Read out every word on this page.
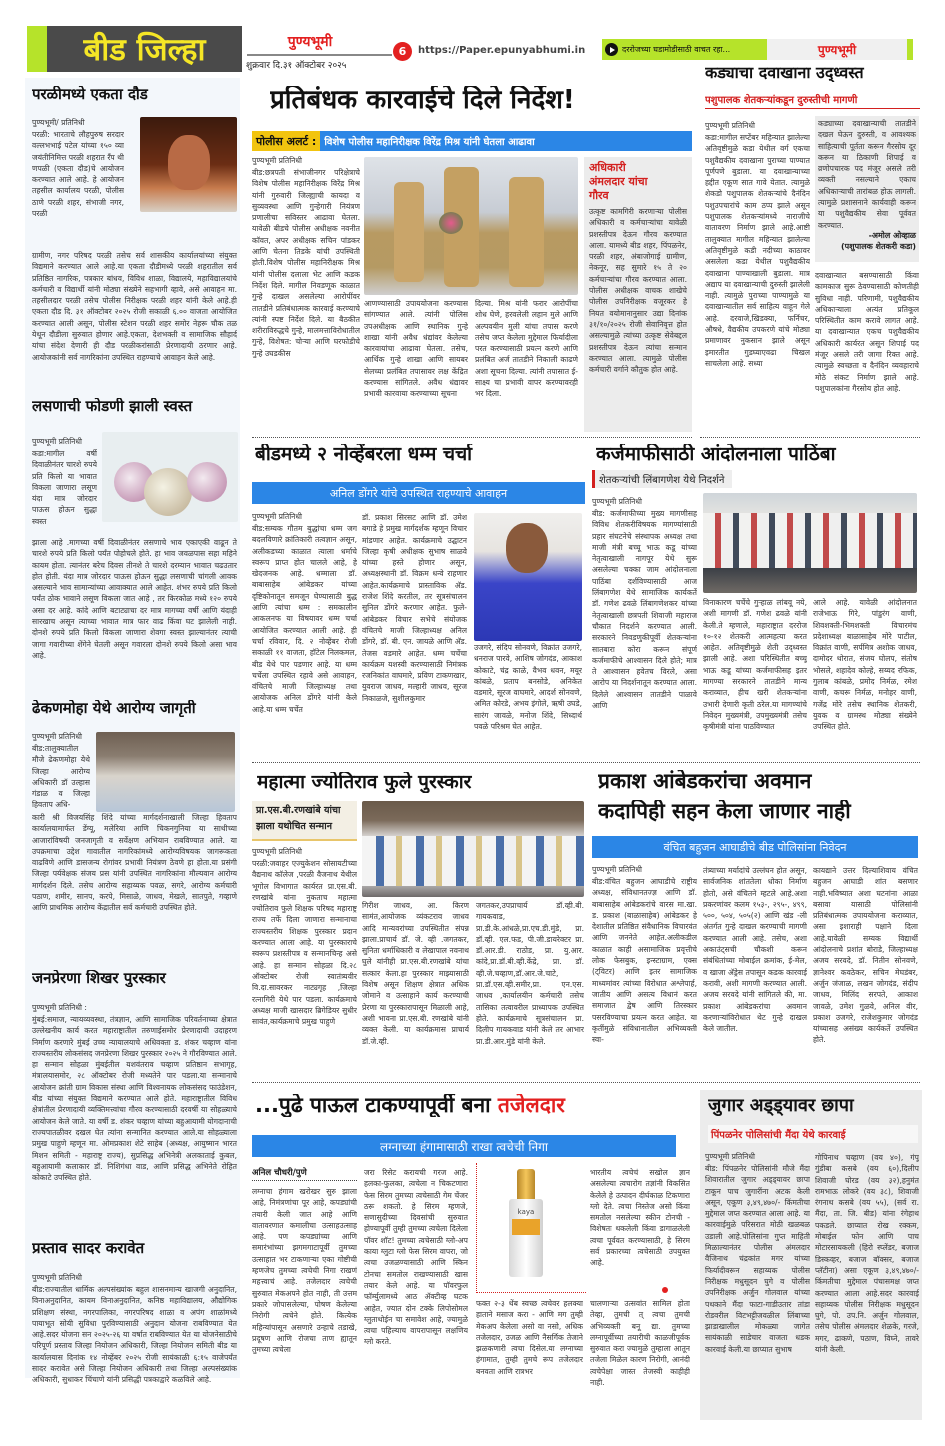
बीड जिल्हा	पुण्यभूमी
शुक्रवार दि.३१ ऑक्टोबर २०२५
6 https://Paper.epunyabhumi.in	दररोजच्या घडामोडीसाठी वाचत रहा...	पुण्यभूमी
परळीमध्ये एकता दौड
पुण्यभूमी/ प्रतिनिधी
परळी: भारताचे लौहपुरुष सरदार वल्लभभाई पटेल यांच्या १५० व्या जयंतीनिमित्त परळी शहरात रँप थी णपळी (एकता दौड)चे आयोजन करण्यात आले आहे. हे आयोजन तहसील कार्यालय परळी, पोलीस ठाणे परळी शहर, संभाजी नगर, परळी
ग्रामीण, नगर परिषद परळी तसेच सर्व शासकीय कार्यालयांच्या संयुक्त विद्यमाने करण्यात आले आहे.या एकता दौडीमध्ये परळी शहरातील सर्व प्रतिष्ठित नागरिक, पत्रकार बांधव, विविध शाळा, विद्यालये, महाविद्यालयांचे कर्मचारी व विद्यार्थी यांनी मोठ्या संख्येने सहभागी व्हावे, असे आवाहन मा. तहसीलदार परळी तसेच पोलीस निरीक्षक परळी शहर यांनी केले आहे.ही एकता दौड दि. ३१ ऑक्टोबर २०२५ रोजी सकाळी ६.०० वाजता आयोजित करण्यात आली असून, पोलीस स्टेशन परळी शहर समोर नेहरू चौक तळ येथून दौडीला सुरुवात होणार आहे.एकता, देशभक्ती व सामाजिक सौहार्द यांचा संदेश देणारी ही दौड परळीकरांसाठी प्रेरणादायी ठरणार आहे. आयोजकांनी सर्व नागरिकांना उपस्थित राहण्याचे आवाहन केले आहे.
लसणाची फोडणी झाली स्वस्त
पुण्यभूमी प्रतिनिधी
कडा:मागील वर्षी दिवाळीनंतर चारशे रुपये प्रति किलो या भावात विकला जाणारा लसूण यंदा मात्र जोरदार पाऊस होऊन सुद्धा स्वस्त
झाला आहे .मागच्या वर्षी दिवाळीनंतर लसणाचे भाव एकाएकी वाढून ते चारशे रुपये प्रति किलो पर्यंत पोहोचले होते. हा भाव जवळपास सहा महिने कायम होता. त्यानंतर बरेच दिवस तीनशे ते चारशे दरम्यान भावात चढउतार होत होती. यंदा मात्र जोरदार पाऊस होऊन सुद्धा लसणाची चांगली आवक असल्याने भाव सामान्यांच्या आवाक्यात आले आहेत. शंभर रुपये प्रति किलो पर्यंत ठोक भावाने लसूण विकला जात आहे , तर किरकोळ मध्ये १२० रुपये असा दर आहे. कांदे आणि बटाट्याचा दर मात्र मागच्या वर्षी आणि यंदाही सारखाच असून त्याच्या भावात मात्र फार वाढ किंवा घट झालेली नाही. दोनशे रुपये प्रति किलो विकला जाणारा शेवगा स्वस्त झाल्यानंतर त्याची जागा गवारीच्या शेंगेने घेतली असून गवारला दोनशे रुपये किलो असा भाव आहे.
ढेकणमोहा येथे आरोग्य जागृती
पुण्यभूमी प्रतिनिधी
बीड:तालुक्यातील मौजे ढेकणमोहा येथे जिल्हा आरोग्य अधिकारी डॉ उल्हास गंडाळ व जिल्हा हिवताप अधि-
कारी श्री विजयसिंह शिंदे यांच्या मार्गदर्शनाखाली जिल्हा हिवताप कार्यालयामार्फत डेंग्यू, मलेरिया आणि चिकनगुनिया या साथीच्या आजारांविषयी जनजागृती व सर्वेक्षण अभियान राबविण्यात आले. या उपक्रमाचा उद्देश गावातील नागरिकांमध्ये आरोग्यविषयक जागरूकता वाढविणे आणि डासजन्य रोगांवर प्रभावी नियंत्रण ठेवणे हा होता.या प्रसंगी जिल्हा पर्यवेक्षक संजय प्रस यांनी उपस्थित नागरिकांना मौल्यवान आरोग्य मार्गदर्शन दिले. तसेच आरोग्य सहाय्यक पवळ, सगरे, आरोग्य कर्मचारी पठाण, शमीर, सानप, करपे, मिसाळे, जाधव, मेखले, सातपुते, गव्हाणे आणि प्राथमिक आरोग्य केंद्रातील सर्व कर्मचारी उपस्थित होते.
जनप्रेरणा शिखर पुरस्कार
पुण्यभूमी प्रतिनिधी :
मुंबई:समाज, न्यायव्यवस्था, तंत्रज्ञान, आणि सामाजिक परिवर्तनाच्या क्षेत्रात उल्लेखनीय कार्य करत महाराष्ट्रातील तरुणाईसमोर प्रेरणादायी उदाहरण निर्माण करणारे मुंबई उच्च न्यायालयाचे अधिवक्ता ड. शंकर चव्हाण यांना राज्यस्तरीय लोकसंसद जनप्रेरणा शिखर पुरस्कार २०२५ ने गौरविण्यात आले. हा सन्मान सोहळा मुंबईतील यशवंतराव चव्हाण प्रतिष्ठान सभागृह, मंत्रालयासमोर, २८ ऑक्टोबर रोजी मध्यतेने पार पडला.या सन्मानाचे आयोजन क्रांती ग्राम विकास संस्था आणि विश्वनायक लोकसंसद फाउंडेशन, बीड यांच्या संयुक्त विद्यमाने करण्यात आले होते. महाराष्ट्रातील विविध क्षेत्रांतील प्रेरणादायी व्यक्तिमत्त्वांचा गौरव करण्यासाठी दरवर्षी या सोहळ्याचे आयोजन केले जाते. या वर्षी ड. शंकर चव्हाण यांच्या बहुआयामी योगदानाची राज्यपातळीवर दखल घेत त्यांना सन्मानित करण्यात आले.या सोहळ्याला प्रमुख पाहुणे म्हणून मा. ओमप्रकाश शेटे साहेब (अध्यक्ष, आयुष्मान भारत मिशन समिती - महाराष्ट्र राज्य), सुप्रसिद्ध अभिनेत्री अलकाताई कुबल, बहुआयामी कलाकार डॉ. निशिगंधा वाड, आणि प्रसिद्ध अभिनेते रोहित कोकाटे उपस्थित होते.
प्रस्ताव सादर करावेत
पुण्यभूमी प्रतिनिधी
बीड:राज्यातील धार्मिक अल्पसंख्यांक बहुल शासनमान्य खाजगी अनुदानित, विनाअनुदानित, कायम विनाअनुदानित, कनिष्ठ महाविद्यालय, औद्योगिक प्रशिक्षण संस्था, नगरपालिका, नगरपरिषद शाळा व अपंग शाळांमध्ये पायाभूत सोयी सुविधा पुरविण्यासाठी अनुदान योजना राबविण्यात येत आहे.सदर योजना सन २०२५-२६ या वर्षात राबविण्यात येत या योजनेसाठीचे परिपूर्ण प्रस्ताव जिल्हा नियोजन अधिकारी, जिल्हा नियोजन समिती बीड या कार्यालयास दिनांक १४ नोव्हेंबर २०२५ रोजी सायंकाळी ६:१५ वाजेपर्यंत सादर करावेत असे जिल्हा नियोजन अधिकारी तथा जिल्हा अल्पसंख्यांक अधिकारी, सुधाकर चिंचाणे यांनी प्रसिद्धी पत्रकाद्वारे कळविले आहे.
प्रतिबंधक कारवाईचे दिले निर्देश!
पोलीस अलर्ट : विशेष पोलीस महानिरीक्षक विरेंद्र मिश्र यांनी घेतला आढावा
पुण्यभूमी प्रतिनिधी
बीड:छत्रपती संभाजीनगर परिक्षेत्राचे विशेष पोलीस महानिरीक्षक विरेंद्र मिश्र यांनी गुरुवारी जिल्ह्याची कायदा व सुव्यवस्था आणि गुन्हेगारी नियंत्रण प्रणालीचा सविस्तर आढावा घेतला. यावेळी बीडचे पोलीस अधीक्षक नवनीत कॉवत, अपर अधीक्षक सचिन पांडकर आणि चेतना तिडके यांची उपस्थिती होती.विशेष पोलीस महानिरीक्षक मिश्र यांनी पोलीस दलाला भेट आणि कडक निर्देश दिले. मागील निवडणूक काळात गुन्हे दाखल असलेल्या आरोपींवर तातडीने प्रतिबंधात्मक कारवाई करण्याचे त्यांनी स्पष्ट निर्देश दिले. या बैठकीत शरीराविरुद्धचे गुन्हे, मालमत्ताविरोधातील गुन्हे, विशेषत: चोऱ्या आणि घरफोडीचे गुन्हे उघडकीस
आणण्यासाठी उपाययोजना करण्यास सांगण्यात आले. त्यांनी पोलिस उपअधीक्षक आणि स्थानिक गुन्हे शाखा यांनी अवैध धंद्यांवर केलेल्या कारवायांचा आढावा घेतला. तसेच, आर्थिक गुन्हे शाखा आणि सायबर सेलच्या प्रलंबित तपासावर लक्ष केंद्रित करण्यास सांगितले. अवैध धंद्यावर प्रभावी कारवाया करण्याच्या सूचना
दिल्या. मिश्र यांनी फरार आरोपींचा शोध घेणे, हरवलेली लहान मुले आणि अल्पवयीन मुली यांचा तपास करणे तसेच जप्त केलेला मुद्देमाल फिर्यादीला परत करण्यासाठी प्रयत्न करणे आणि प्रलंबित अर्ज तातडीने निकाली काढणे अशा सूचना दिल्या. त्यांनी तपासात ई-साक्ष्य चा प्रभावी वापर करण्यावरही भर दिला.
अधिकारी अंमलदार यांचा गौरव
उत्कृष्ट कामगिरी करणाऱ्या पोलीस अधिकारी व कर्मचाऱ्यांचा यावेळी प्रशस्तीपत्र देऊन गौरव करण्यात आला. यामध्ये बीड शहर, पिंपळनेर, परळी शहर, अंबाजोगाई ग्रामीण, नेकनूर, सह सुमारे १५ ते २० कर्मचाऱ्यांचा गौरव करण्यात आला. पोलीस अधीक्षक वाचक शाखेचे पोलीस उपनिरीक्षक वजूरकर हे नियत वयोमानानुसार उद्या दिनांक ३१/१०/२०२५ रोजी सेवानिवृत्त होत असल्यामुळे त्यांच्या उत्कृष्ट सेवेबद्दल प्रशस्तीपत्र देऊन त्यांचा सन्मान करण्यात आला. त्यामुळे पोलीस कर्मचारी वर्गाने कौतुक होत आहे.
कड्याचा दवाखाना उद्ध्वस्त
पशुपालक शेतकऱ्यांकडून दुरुस्तीची मागणी
पुण्यभूमी प्रतिनिधी
कडा:मागील सप्टेंबर महिन्यात झालेल्या अतिवृष्टीमुळे कडा येथील वर्ग एकचा पशुवैद्यकीय दवाखाना पुराच्या पाण्यात पूर्णपणे बुडाला. या दवाखान्याच्या हद्दीत एकूण सात गावे येतात. त्यामुळे शेकडो पशुपालक शेतकऱ्यांचे दैनंदिन पशुउपचारांचे काम ठप्प झाले असून पशुपालक शेतकऱ्यांमध्ये नाराजीचे वातावरण निर्माण झाले आहे.आष्टी तालुक्यात मागील महिन्यात झालेल्या अतिवृष्टीमुळे कडी नदीच्या काठावर असलेला कडा येथील पशुवैद्यकीय दवाखाना पाण्याखाली बुडाला. मात्र अद्याप या दवाखान्याची दुरुस्ती झालेली नाही. त्यामुळे पुराच्या पाण्यामुळे या दवाखान्यातील सर्व साहित्य वाहून गेले आहे. दरवाजे,खिडक्या, फर्निचर, औषधे, वैद्यकीय उपकरणे यांचे मोठ्या प्रमाणावर नुकसान झाले असून इमारतीत गुडघ्याएवढा चिखल साचलेला आहे. सध्या
कड्याच्या दवाखान्याची तातडीने दखल घेऊन दुरुस्ती, व आवश्यक साहित्याची पूर्तता करून गैरसोय दूर करून या ठिकाणी शिपाई व व्रणोपचारक पद मंजूर असले तरी व्यक्ती नसल्याने एकाच अधिकाऱ्याची तारांबळ होऊ लागली. त्यामुळे प्रशासनाने कार्यवाही करून या पशुवैद्यकीय सेवा पूर्ववत करण्यात.
-अमोल ओव्हाळ
(पशुपालक शेतकरी कडा)
दवाखान्यात बसण्यासाठी किंवा कामकाज सुरू ठेवण्यासाठी कोणतीही सुविधा नाही. परिणामी, पशुवैद्यकीय अधिकाऱ्याला अत्यंत प्रतिकूल परिस्थितीत काम करावे लागत आहे. या दवाखान्यात एकच पशुवैद्यकीय अधिकारी कार्यरत असून शिपाई पद मंजूर असले तरी जागा रिक्त आहे. त्यामुळे स्वच्छता व दैनंदिन व्यवहाराचे मोठे संकट निर्माण झाले आहे. पशुपालकांना गैरसोय होत आहे.
बीडमध्ये २ नोव्हेंबरला धम्म चर्चा
अनिल डोंगरे यांचे उपस्थित राहण्याचे आवाहन
पुण्यभूमी प्रतिनिधी
बीड:सम्यक गौतम बुद्धांचा धम्म जग बदलविणारे क्रांतिकारी तत्वज्ञान असून, अलीकडच्या काळात त्याला धर्माचे स्वरूप प्राप्त होत चालले आहे, हे खेदजनक आहे. धम्माला डॉ. बाबासाहेब आंबेडकर यांच्या दृष्टिकोनातून समजून घेण्यासाठी बुद्ध आणि त्यांचा धम्म : समकालीन आकलनफ या विषयावर धम्म चर्चा आयोजित करण्यात आली आहे. ही चर्चा रविवार, दि. २ नोव्हेंबर रोजी सकाळी ११ वाजता, हॉटेल निलकमल, बीड येथे पार पडणार आहे. या धम्म चर्चेला उपस्थित रहावे असे आवाहन, वंचितचे माजी जिल्हाध्यक्ष तथा आयोजक अनिल डोंगरे यांनी केले आहे.या धम्म चर्चेत
डॉ. प्रकाश सिरसट आणि डॉ. उमेश बगाडे हे प्रमुख मार्गदर्शक म्हणून विचार मांडणार आहेत. कार्यक्रमाचे उद्घाटन जिल्हा कृषी अधीक्षक सुभाष साळवे यांच्या हस्ते होणार असून, अध्यक्षस्थानी डॉ. विक्रम धन्वे राहणार आहेत.कार्यक्रमाचे प्रास्ताविक अ‍ॅड. राजेश शिंदे करतील, तर सूत्रसंचालन सुनिल डोंगरे करणार आहेत. फुले-आंबेडकर विचार सभेचे संयोजक वंचितचे माजी जिल्हाध्यक्ष अनिल डोंगरे, डॉ. बी. एन. जायळे आणि अ‍ॅड. तेजस वडमारे आहेत. धम्म चर्चेचा कार्यक्रम यशस्वी करण्यासाठी निमंत्रक रजनिकांत वाघमारे, प्रविण टाकणखार, युवराज जाधव, मल्हारी जाधव, सूरज निकाळजे, सुशीलकुमार
उजगरे, संदिप सोनवणे, विक्रांत उजगरे, धनराज पारवे, आशिष जोगदंड, आकाश कोकाटे, चंद्र काळे, वैभव धवन, मयूर कांबळे, प्रताप बनसोडे, अनिकेत वडमारे, सूरज वाघमारे, आदर्श सोनवणे, अमित कोरडे, अभय इंगोले, ऋषी उघडे, सारंग जावळे, मनोज शिंदे, सिध्दार्थ पवळे परिश्रम घेत आहेत.
कर्जमाफीसाठी आंदोलनाला पाठिंबा
शेतकऱ्यांची लिंबागणेश येथे निदर्शने
पुण्यभूमी प्रतिनिधी
बीड: कर्जमाफीच्या मुख्य मागणीसह विविध शेतकरीविषयक मागण्यांसाठी प्रहार संघटनेचे संस्थापक अध्यक्ष तथा माजी मंत्री बच्चू भाऊ कडू यांच्या नेतृत्वाखाली नागपूर येथे सुरू असलेल्या चक्का जाम आंदोलनाला पाठिंबा दर्शविण्यासाठी आज लिंबागणेश येथे सामाजिक कार्यकर्ते डॉ. गणेश ढवळे लिंबागणेशकर यांच्या नेतृत्वाखाली छत्रपती शिवाजी महाराज चौकात निदर्शने करण्यात आली. सरकारने निवडणुकीपूर्वी शेतकऱ्यांना सातबारा कोरा करून संपूर्ण कर्जमाफीचे आश्वासन दिले होते; मात्र ते आश्वासन हवेतच विरले, असा आरोप या निदर्शनातून करण्यात आला. दिलेले आश्वासन तातडीने पाळावे आणि
विनाकारण चर्चेचे गुऱ्हाळ लांबवू नये, अशी मागणी डॉ. गणेश ढवळे यांनी केली.ते म्हणाले, महाराष्ट्रात दररोज १०-१२ शेतकरी आत्महत्या करत आहेत. अतिवृष्टीमुळे शेती उद्ध्वस्त झाली आहे. अशा परिस्थितीत बच्चू भाऊ कडू यांच्या कर्जमाफीसह इतर मागण्या सरकारने तातडीने मान्य कराव्यात, हीच खरी शेतकऱ्यांना उभारी देणारी कृती ठरेल.या मागण्यांचे निवेदन मुख्यमंत्री, उपमुख्यमंत्री तसेच कृषीमंत्री यांना पाठविण्यात
आले आहे. यावेळी आंदोलनात राजेभाऊ गिरे, पांडुरंग वाणी, शिवशक्ती-भिमशक्ती विचारमंच प्रदेशाध्यक्ष बाळासाहेब मोरे पाटील, विक्रांत वाणी, सर्पमित्र अशोक जाधव, दामोदर थोरात, संजय घोलप, संतोष भोसले, शहादेव कोल्हे, सय्यद रफिक, गुलाब कांबळे, प्रमोद निर्मळ, रमेश वाणी, कचरू निर्मळ, मनोहर वाणी, गजेंद्र मोरे तसेच स्थानिक शेतकरी, युवक व ग्रामस्थ मोठ्या संख्येने उपस्थित होते.
महात्मा ज्योतिराव फुले पुरस्कार
प्रा.एस.बी.रणखांबे यांचा
झाला यथोचित सन्मान
पुण्यभूमी प्रतिनिधी
परळी:जवाहर एज्युकेशन सोसायटीच्या वैद्यनाथ कॉलेज ,परळी वैजनाथ येथील भूगोल विभागात कार्यरत प्रा.एस.बी. रणखांबे यांना नुकताच महात्मा ज्योतिराव फुले शिक्षक परिषद महाराष्ट्र राज्य तर्फे दिला जाणारा सन्मानाचा राज्यस्तरीय शिक्षक पुरस्कार प्रदान करण्यात आला आहे. या पुरस्काराचे स्वरूप प्रशस्तीपत्र व सन्मानचिन्ह असे आहे. हा सन्मान सोहळा दि.२८ ऑक्टोबर रोजी स्वातंत्र्यवीर वि.दा.सावरकर नाट्यगृह ,जिल्हा रत्नागिरी येथे पार पडला. कार्यक्रमाचे अध्यक्ष माजी खासदार ब्रिगेडियर सुधीर सावंत,कार्यक्रमाचे प्रमुख पाहुणे
गिरीश जाधव, आ. किरण सामंत,आयोजक व्यंकटराव जाधव आदि मान्यवरांच्या उपस्थितीत संपन्न झाला.प्राचार्य डॉ. जे. व्ही .जगतकर, सुनिता धर्माधिकारी व लेखापाल नवनाथ घुले यांनीही प्रा.एस.बी.रणखांबे यांचा सत्कार केला.हा पुरस्कार माझ्यासाठी विशेष असून शिक्षण क्षेत्रात अधिक जोमाने व उत्साहाने कार्य करण्याची प्रेरणा या पुरस्कारापासून मिळाली आहे, अशी भावना प्रा.एस.बी. रणखांबे यांनी व्यक्त केली. या कार्यक्रमास प्राचार्य डॉ.जे.व्ही.
जगतकर,उपप्राचार्य डॉ.व्ही.बी. गायकवाड, प्रा.डी.के.आंधळे,प्रा.एच.डी.मुंडे, प्रा. डॉ.व्ही. एल.फड, पी.जी.डायरेक्टर प्रा. डॉ.आर.डी. राठोड, प्रा. यु.आर. कांदे,प्रा.डॉ.बी.व्ही.केंद्रे, प्रा. डॉ. व्ही.जे.चव्हाण,डॉ.आर.जे.चाटे, प्रा.डॉ.एस.व्ही.समीर,प्रा. एन.एस. जाधव ,कार्यालयीन कर्मचारी तसेच तासिका तत्वावरील प्राध्यापक उपस्थित होते. कार्यक्रमाचे सूत्रसंचालन प्रा. दिलीप गायकवाड यांनी केले तर आभार प्रा.डी.आर.मुंडे यांनी केले.
प्रकाश आंबेडकरांचा अवमान
कदापिही सहन केला जाणार नाही
वंचित बहुजन आघाडीचे बीड पोलिसांना निवेदन
पुण्यभूमी प्रतिनिधी
बीड:वंचित बहुजन आघाडीचे राष्ट्रीय अध्यक्ष, संविधानतज्ज्ञ आणि डॉ. बाबासाहेब आंबेडकरांचे वारस मा.खा. ड. प्रकाश (बाळासाहेब) आंबेडकर हे देशातील प्रतिष्ठित संवैधानिक विचारवंत आणि जननेते आहेत.अलीकडील काळात काही असामाजिक प्रवृत्तीचे लोक फेसबुक, इन्स्टाग्राम, एक्स (ट्विटर) आणि इतर सामाजिक माध्यमांवर त्यांच्या विरोधात अश्लेपार्ह, जातीय आणि असत्य विधानं करत समाजात द्वेष आणि तिरस्कार पसरविण्याचा प्रयत्न करत आहेत. या कृतींमुळे संविधानातील अभिव्यक्ती स्वा-
तंत्र्याच्या मर्यादांचे उल्लंघन होत असून, सार्वजनिक शांततेला धोका निर्माण होतो, असे वंचितने म्हटले आहे.अशा प्रकरणांवर कलम १५३-, २९५-, ४९९, ५००, ५०४, ५०५(२) आणि खंड -ली अंतर्गत गुन्हे दाखल करण्याची मागणी करण्यात आली आहे. तसेच, अशा अकाउंट्सची चौकशी करून संबंधितांच्या मोबाईल क्रमांक, ई-मेल, व खाजा अ‍ॅड्रेस तपासून कडक कारवाई करावी, अशी मागणी करण्यात आली. अजय सरवदे यांनी सांगितले की, मा. प्रकाश आंबेडकरांचा अवमान करणाऱ्यांविरोधात थेट गुन्हे दाखल केले जातील.
कायद्याने उत्तर दिल्याशिवाय वंचित बहुजन आघाडी शांत बसणार नाही.भविष्यात अशा घटनांना आळा बसावा यासाठी पोलिसांनी प्रतिबंधात्मक उपाययोजना कराव्यात, असा इशाराही पक्षाने दिला आहे.यावेळी सम्यक विद्यार्थी आंदोलनाचे प्रशांत बोराडे, जिल्हाध्यक्ष अजय सरवदे, डॉ. नितीन सोनवणे, ज्ञानेश्वर कवठेकर, सचिन मेघडंबर, अर्जुन जंजाळ, लखन जोगदंड, संदीप जाधव, मिलिंद सरपते, आकाश जावळे, उमेश गुळवे, अनिल वीर, प्रकाश उजगरे, राजेशकुमार जोगदंड यांच्यासह असंख्य कार्यकर्ते उपस्थित होते.
...पुढे पाऊल टाकण्यापूर्वी बना तजेलदार
लग्नाच्या हंगामासाठी राखा त्वचेची निगा
अनिल चौधरी/पुणे
लग्नाचा हंगाम खरोखर सुरु झाला आहे, निमंत्रणांचा पूर आहे, कपड्यांची तयारी केली जात आहे आणि वातावरणात कमालीचा उत्साहउत्साह आहे. पण कपड्यांच्या आणि समारंभांच्या झगमगाटापूर्वी तुमच्या उत्साहात भर टाकणाऱ्या एका गोष्टीची म्हणजेच तुमच्या त्वचेची निगा राखणं महत्त्वाचं आहे. तजेलदार त्वचेची सुरुवात मेकअपने होत नाही, ती उत्तम प्रकारे जोपासलेल्या, पोषण केलेल्या निरोगी त्वचेने होते. कित्येक महिन्यांपासून असणारे उन्हाचे तडाखे, प्रदूषण आणि रोजचा ताण ह्यातून तुमच्या त्वचेला
जरा रिसेट करायची गरज आहे. हलका-फुलका, त्वचेला न चिकटणारा फेस सिरम तुमच्या त्वचेसाठी गेम चेंजर ठरू शकतो. हे सिरम म्हणजे, सणासुदीच्या दिवसांची सुरुवात होण्यापूर्वी तुम्ही तुमच्या त्वचेला दिलेला पॉवर शॉट! तुमच्या त्वचेसाठी ग्लो-अप काया ग्लुटा ग्लो फेस सिरम वापरा, जो त्वचा उजळण्यासाठी आणि स्किन टोनचा समतोल राखण्यासाठी खास तयार केले आहे. या पॉवरफुल फॉर्म्युलामध्ये आठ ॲक्टीव्ह घटक आहेत, ज्यात दोन टक्के लिपोसोमल ग्लुताथोईन चा समावेश आहे, ज्यामुळे त्वचा पहिल्याच वापरापासून लक्षणिय ग्लो करते.
kaya
फक्त २-३ थेंब स्वच्छ त्वचेवर हलक्या हाताने मसाज करा - आणि मग तुम्ही मेकअप केलेला असो वा नसो, अधिक तजेलदार, उजळ आणि नैसर्गिक तेजाने झळकणारी त्वचा दिसेल.या लग्नाच्या हंगामात, तुम्ही तुमचे रूप तजेलदार बनवता आणि रात्रभर
भारतीय त्वचेचं सखोल ज्ञान असलेल्या त्वचारोग तज्ञांनी विकसित केलेले हे उत्पादन दीर्घकाळ टिकणारा ग्लो देते. त्वचा निस्तेज असो किंवा समतोल नसलेल्या स्कीन टोनची - विशेषतः थकलेली किंवा डागाळलेली त्वचा पूर्ववत करण्यासाठी, हे सिरम सर्व प्रकारच्या त्वचेसाठी उपयुक्त आहे.
चालणाऱ्या उत्सवांत सामिल होता तेव्हा, तुमची त् त्वचा तुमची अभिव्यक्ती बनू द्या. तुमच्या लग्नापूर्वीच्या तयारीची काळजीपूर्वक सुरुवात करा ज्यामुळे तुम्हाला आतून तजेला मिळेल कारण निरोगी, आनंदी त्वचेपेक्षा जास्त तेजस्वी काहीही नाही.
जुगार अड्ड्यावर छापा
पिंपळनेर पोलिसांची मैंदा येथे कारवाई
पुण्यभूमी प्रतिनिधी
बीड: पिंपळनेर पोलिसांनी मौजे मैंदा शिवारातील जुगार अड्ड्यावर छापा टाकून पाच जुगारींना अटक केली असून, एकूण ३,४९,४७०/- किंमतीचा मुद्देमाल जप्त करण्यात आला आहे. या कारवाईमुळे परिसरात मोठी खळबळ उडाली आहे.पोलिसांना गुप्त माहिती मिळाल्यानंतर पोलीस अंमलदार वैजिनाथ चंद्रकांत मगर यांच्या फिर्यादीवरून सहाय्यक पोलीस निरीक्षक मधुसूदन घुगे व पोलीस उपनिरीक्षक अर्जुन गोलवाल यांच्या पथकाने मैंदा फाटा-गाडीउतार तांडा रोडवरील विटभट्टीजवळील लिंबाच्या झाडाखालील मोकळ्या जागेत सायंकाळी साडेचार वाजता धडक कारवाई केली.या छाप्यात सुभाष
गोपिनाथ चव्हाण (वय ४०), गंपू गुंडीबा कसबे (वय ६०),दिलीप शिवाजी घोरड (वय ३२),हनुमंत रामभाऊ लोकरे (वय ३८), शिवाजी रंगनाथ कसबे (वय ५५), (सर्व रा. मैंदा, ता. जि. बीड) यांना रंगेहाथ पकडले. छाप्यात रोख रक्कम, मोबाईल फोन आणि पाच मोटारसायकली (हिरो स्प्लेंडर, बजाज डिस्कव्हर, बजाज बॉक्सर, बजाज प्लॅटीना) असा एकूण ३,४९,४७०/- किंमतीचा मुद्देमाल पंचासमक्ष जप्त करण्यात आला आहे.सदर कारवाई सहाय्यक पोलीस निरीक्षक मधुसूदन घुगे, पो. उप.नि. अर्जुन गोलवाल, तसेच पोलीस अंमलदार शेळके, गरजे, मगर, ढाकणे, पठाण, विघ्ने, तावरे यांनी केली.
